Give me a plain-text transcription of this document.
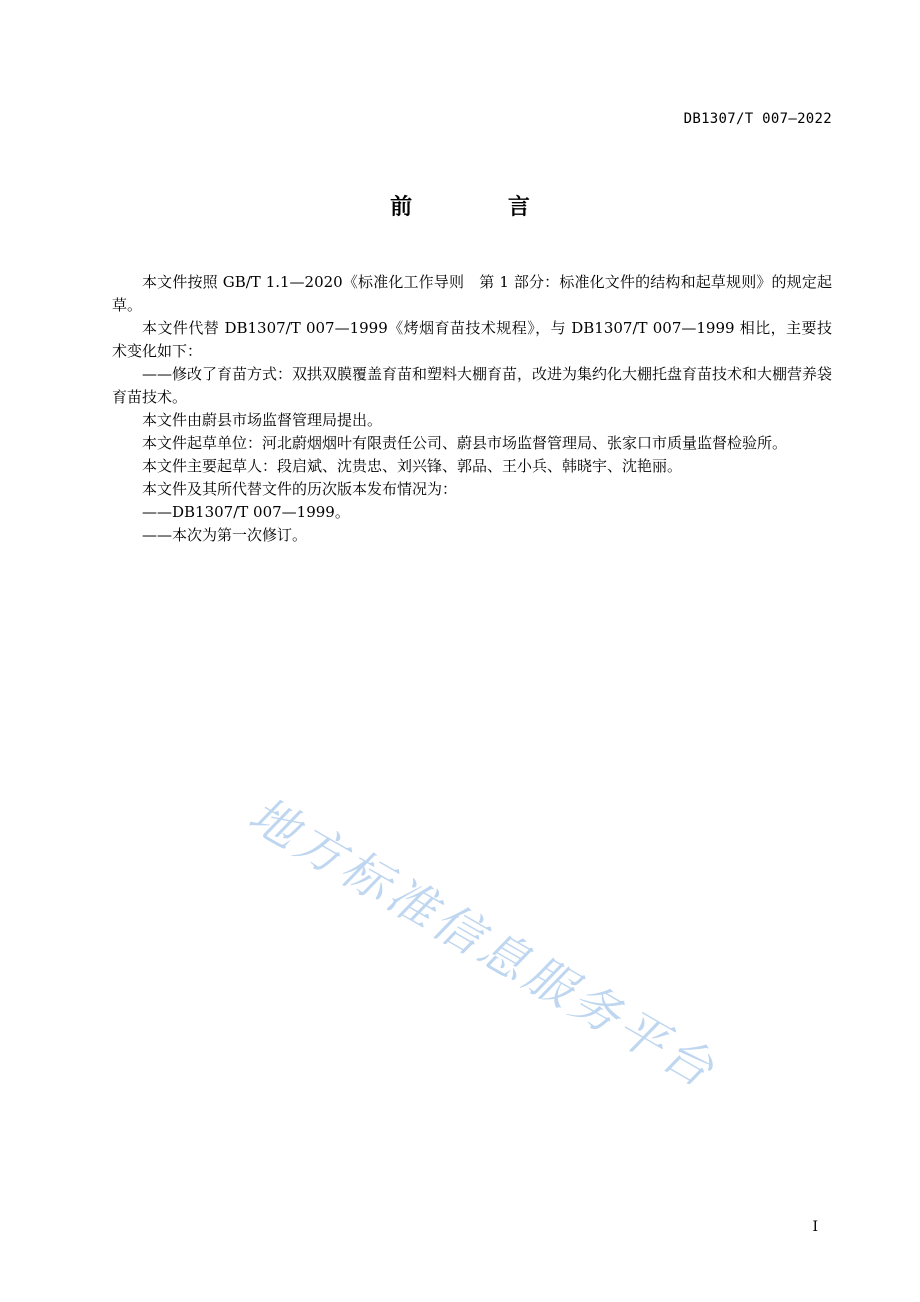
DB1307/T 007—2022
前 言

本文件按照 GB/T 1.1—2020《标准化工作导则　第 1 部分：标准化文件的结构和起草规则》的规定起草。

本文件代替 DB1307/T 007—1999《烤烟育苗技术规程》，与 DB1307/T 007—1999 相比，主要技术变化如下：

——修改了育苗方式：双拱双膜覆盖育苗和塑料大棚育苗，改进为集约化大棚托盘育苗技术和大棚营养袋育苗技术。

本文件由蔚县市场监督管理局提出。

本文件起草单位：河北蔚烟烟叶有限责任公司、蔚县市场监督管理局、张家口市质量监督检验所。

本文件主要起草人：段启斌、沈贵忠、刘兴锋、郭品、王小兵、韩晓宇、沈艳丽。

本文件及其所代替文件的历次版本发布情况为：

——DB1307/T 007—1999。

——本次为第一次修订。

地方标准信息服务平台
I
